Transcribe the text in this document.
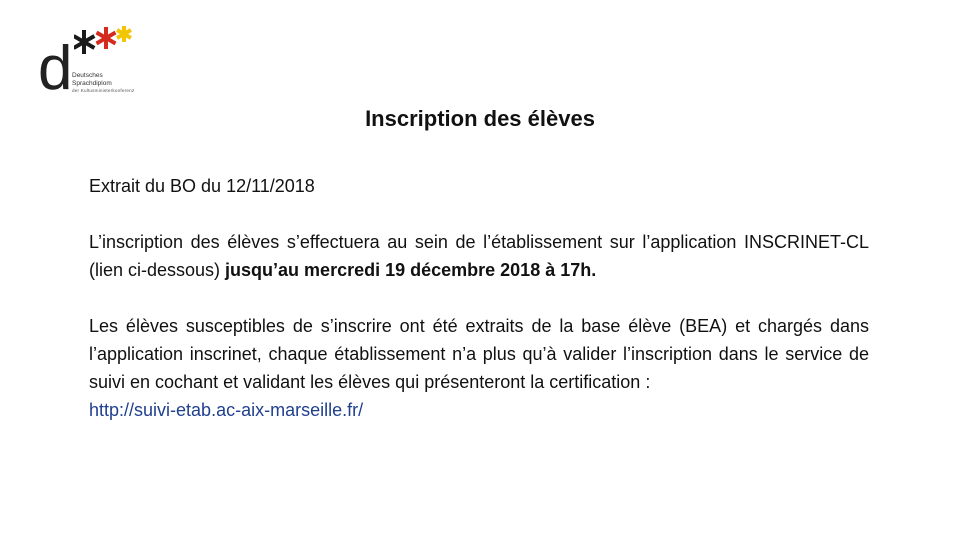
d Deutsches
Sprachdiplom
der Kultusministerkonferenz
Inscription des élèves

Extrait du BO du 12/11/2018

L’inscription des élèves s’effectuera au sein de l’établissement sur l’application INSCRINET-CL (lien ci-dessous) jusqu’au mercredi 19 décembre 2018 à 17h.

Les élèves susceptibles de s’inscrire ont été extraits de la base élève (BEA) et chargés dans l’application inscrinet, chaque établissement n’a plus qu’à valider l’inscription dans le service de suivi en cochant et validant les élèves qui présenteront la certification :
http://suivi-etab.ac-aix-marseille.fr/
